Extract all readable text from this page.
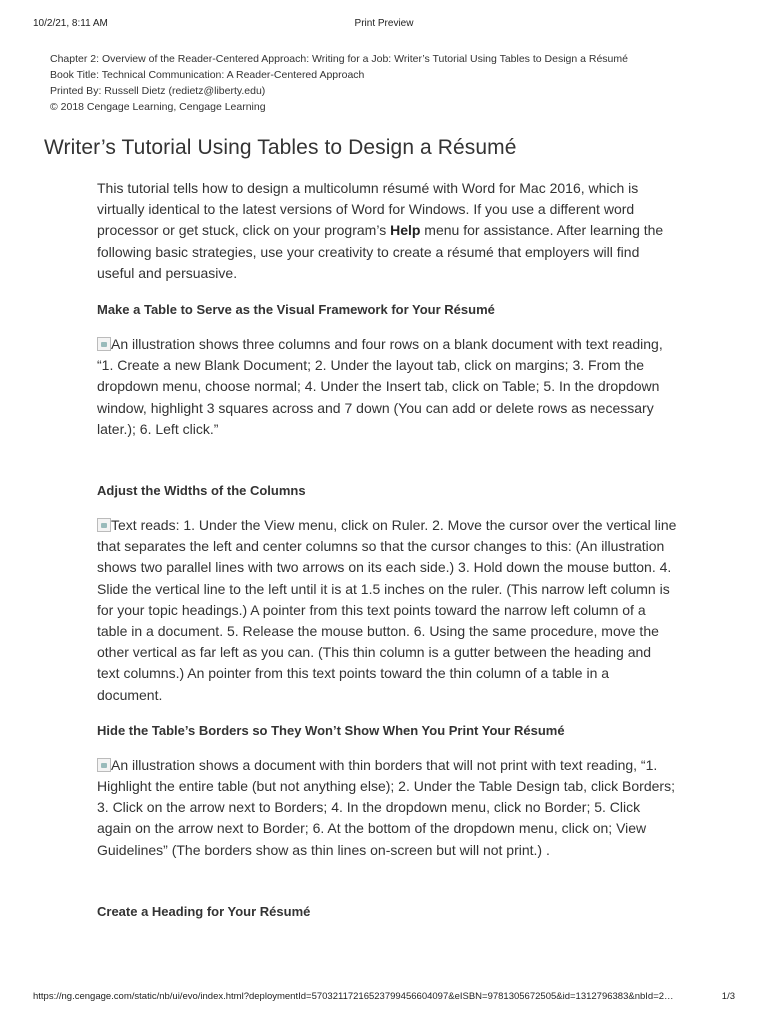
10/2/21, 8:11 AM	Print Preview
Chapter 2: Overview of the Reader-Centered Approach: Writing for a Job: Writer’s Tutorial Using Tables to Design a Résumé
Book Title: Technical Communication: A Reader-Centered Approach
Printed By: Russell Dietz (redietz@liberty.edu)
© 2018 Cengage Learning, Cengage Learning
Writer’s Tutorial Using Tables to Design a Résumé

This tutorial tells how to design a multicolumn résumé with Word for Mac 2016, which is virtually identical to the latest versions of Word for Windows. If you use a different word processor or get stuck, click on your program’s Help menu for assistance. After learning the following basic strategies, use your creativity to create a résumé that employers will find useful and persuasive.

Make a Table to Serve as the Visual Framework for Your Résumé

An illustration shows three columns and four rows on a blank document with text reading, “1. Create a new Blank Document; 2. Under the layout tab, click on margins; 3. From the dropdown menu, choose normal; 4. Under the Insert tab, click on Table; 5. In the dropdown window, highlight 3 squares across and 7 down (You can add or delete rows as necessary later.); 6. Left click.”

Adjust the Widths of the Columns

Text reads: 1. Under the View menu, click on Ruler. 2. Move the cursor over the vertical line that separates the left and center columns so that the cursor changes to this: (An illustration shows two parallel lines with two arrows on its each side.) 3. Hold down the mouse button. 4. Slide the vertical line to the left until it is at 1.5 inches on the ruler. (This narrow left column is for your topic headings.) A pointer from this text points toward the narrow left column of a table in a document. 5. Release the mouse button. 6. Using the same procedure, move the other vertical as far left as you can. (This thin column is a gutter between the heading and text columns.) An pointer from this text points toward the thin column of a table in a document.

Hide the Table’s Borders so They Won’t Show When You Print Your Résumé

An illustration shows a document with thin borders that will not print with text reading, “1. Highlight the entire table (but not anything else); 2. Under the Table Design tab, click Borders; 3. Click on the arrow next to Borders; 4. In the dropdown menu, click no Border; 5. Click again on the arrow next to Border; 6. At the bottom of the dropdown menu, click on; View Guidelines” (The borders show as thin lines on-screen but will not print.) .

Create a Heading for Your Résumé
https://ng.cengage.com/static/nb/ui/evo/index.html?deploymentId=5703211721652379945660409​7&eISBN=9781305672505&id=1312796383&nbId=2…	1/3
